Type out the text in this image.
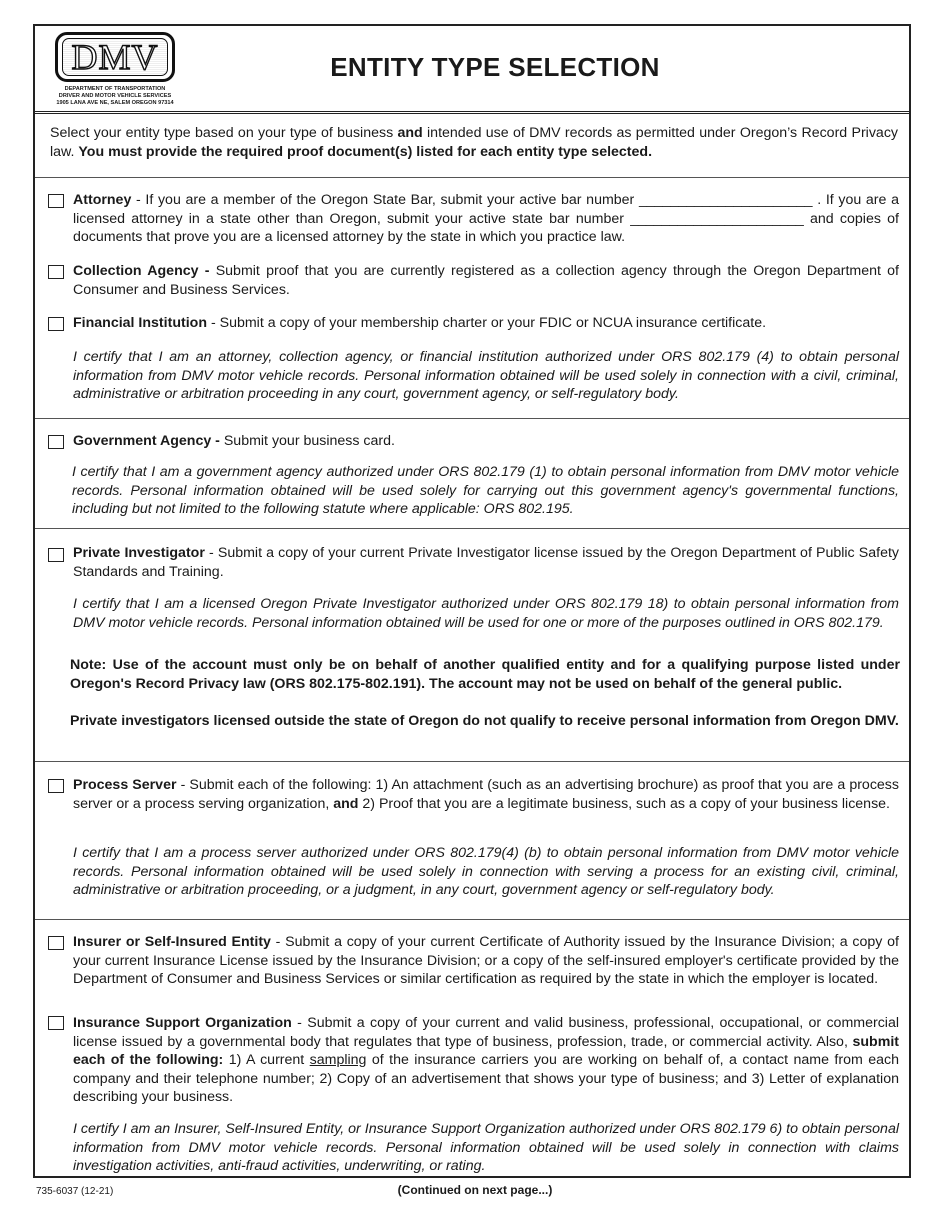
DMV
DEPARTMENT OF TRANSPORTATION
DRIVER AND MOTOR VEHICLE SERVICES
1905 LANA AVE NE, SALEM OREGON 97314
ENTITY TYPE SELECTION
Select your entity type based on your type of business and intended use of DMV records as permitted under Oregon’s Record Privacy law. You must provide the required proof document(s) listed for each entity type selected.
Attorney - If you are a member of the Oregon State Bar, submit your active bar number ______________________ . If you are a licensed attorney in a state other than Oregon, submit your active state bar number ______________________ and copies of documents that prove you are a licensed attorney by the state in which you practice law.
Collection Agency - Submit proof that you are currently registered as a collection agency through the Oregon Department of Consumer and Business Services.
Financial Institution - Submit a copy of your membership charter or your FDIC or NCUA insurance certificate.
I certify that I am an attorney, collection agency, or financial institution authorized under ORS 802.179 (4) to obtain personal information from DMV motor vehicle records. Personal information obtained will be used solely in connection with a civil, criminal, administrative or arbitration proceeding in any court, government agency, or self-regulatory body.
Government Agency - Submit your business card.
I certify that I am a government agency authorized under ORS 802.179 (1) to obtain personal information from DMV motor vehicle records. Personal information obtained will be used solely for carrying out this government agency's governmental functions, including but not limited to the following statute where applicable: ORS 802.195.
Private Investigator - Submit a copy of your current Private Investigator license issued by the Oregon Department of Public Safety Standards and Training.
I certify that I am a licensed Oregon Private Investigator authorized under ORS 802.179 18) to obtain personal information from DMV motor vehicle records. Personal information obtained will be used for one or more of the purposes outlined in ORS 802.179.
Note: Use of the account must only be on behalf of another qualified entity and for a qualifying purpose listed under Oregon's Record Privacy law (ORS 802.175-802.191). The account may not be used on behalf of the general public.
Private investigators licensed outside the state of Oregon do not qualify to receive personal information from Oregon DMV.
Process Server - Submit each of the following: 1) An attachment (such as an advertising brochure) as proof that you are a process server or a process serving organization, and 2) Proof that you are a legitimate business, such as a copy of your business license.
I certify that I am a process server authorized under ORS 802.179(4) (b) to obtain personal information from DMV motor vehicle records. Personal information obtained will be used solely in connection with serving a process for an existing civil, criminal, administrative or arbitration proceeding, or a judgment, in any court, government agency or self-regulatory body.
Insurer or Self-Insured Entity - Submit a copy of your current Certificate of Authority issued by the Insurance Division; a copy of your current Insurance License issued by the Insurance Division; or a copy of the self-insured employer's certificate provided by the Department of Consumer and Business Services or similar certification as required by the state in which the employer is located.
Insurance Support Organization - Submit a copy of your current and valid business, professional, occupational, or commercial license issued by a governmental body that regulates that type of business, profession, trade, or commercial activity. Also, submit each of the following: 1) A current sampling of the insurance carriers you are working on behalf of, a contact name from each company and their telephone number; 2) Copy of an advertisement that shows your type of business; and 3) Letter of explanation describing your business.
I certify I am an Insurer, Self-Insured Entity, or Insurance Support Organization authorized under ORS 802.179 6) to obtain personal information from DMV motor vehicle records. Personal information obtained will be used solely in connection with claims investigation activities, anti-fraud activities, underwriting, or rating.
735-6037 (12-21)	(Continued on next page...)
